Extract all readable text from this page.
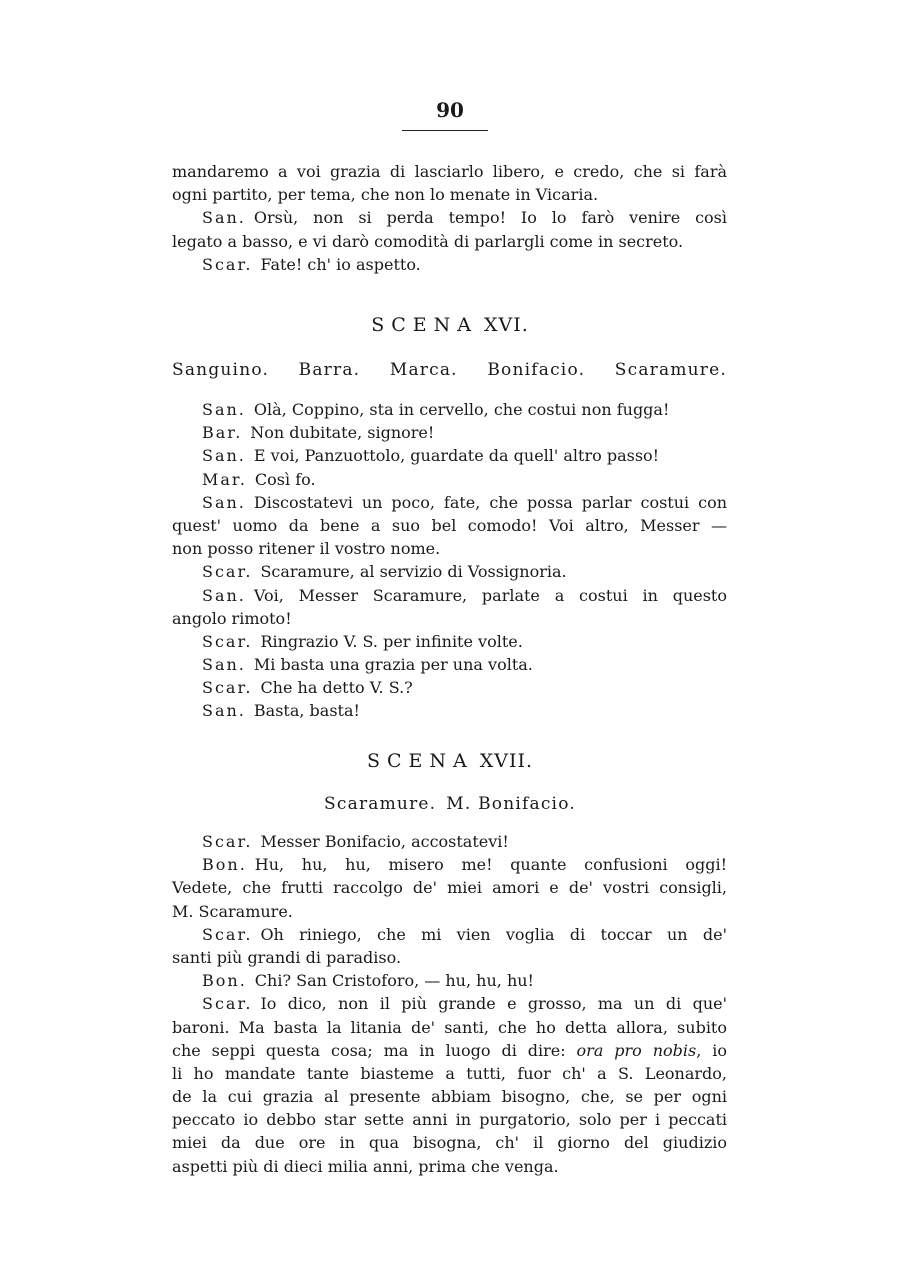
90
mandaremo a voi grazia di lasciarlo libero, e credo, che si farà
ogni partito, per tema, che non lo menate in Vicaria.
San. Orsù, non si perda tempo! Io lo farò venire così
legato a basso, e vi darò comodità di parlargli come in secreto.
Scar. Fate! ch' io aspetto.
SCENA XVI.
Sanguino. Barra. Marca. Bonifacio. Scaramure.
San. Olà, Coppino, sta in cervello, che costui non fugga!
Bar. Non dubitate, signore!
San. E voi, Panzuottolo, guardate da quell' altro passo!
Mar. Così fo.
San. Discostatevi un poco, fate, che possa parlar costui con
quest' uomo da bene a suo bel comodo! Voi altro, Messer —
non posso ritener il vostro nome.
Scar. Scaramure, al servizio di Vossignoria.
San. Voi, Messer Scaramure, parlate a costui in questo
angolo rimoto!
Scar. Ringrazio V. S. per infinite volte.
San. Mi basta una grazia per una volta.
Scar. Che ha detto V. S.?
San. Basta, basta!
SCENA XVII.
Scaramure. M. Bonifacio.
Scar. Messer Bonifacio, accostatevi!
Bon. Hu, hu, hu, misero me! quante confusioni oggi!
Vedete, che frutti raccolgo de' miei amori e de' vostri consigli,
M. Scaramure.
Scar. Oh riniego, che mi vien voglia di toccar un de'
santi più grandi di paradiso.
Bon. Chi? San Cristoforo, — hu, hu, hu!
Scar. Io dico, non il più grande e grosso, ma un di que'
baroni. Ma basta la litania de' santi, che ho detta allora, subito
che seppi questa cosa; ma in luogo di dire: ora pro nobis, io
li ho mandate tante biasteme a tutti, fuor ch' a S. Leonardo,
de la cui grazia al presente abbiam bisogno, che, se per ogni
peccato io debbo star sette anni in purgatorio, solo per i peccati
miei da due ore in qua bisogna, ch' il giorno del giudizio
aspetti più di dieci milia anni, prima che venga.
